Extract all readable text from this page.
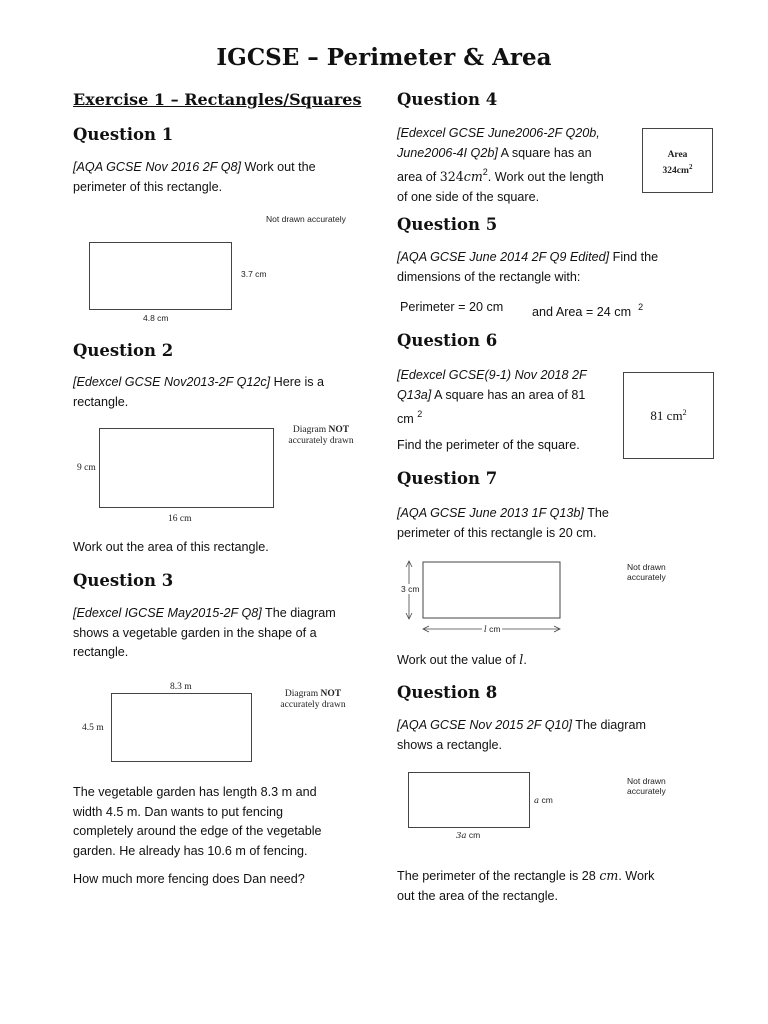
IGCSE – Perimeter & Area
Exercise 1 – Rectangles/Squares
Question 1
[AQA GCSE Nov 2016 2F Q8] Work out the
perimeter of this rectangle.
Not drawn accurately
3.7 cm
4.8 cm
Question 2
[Edexcel GCSE Nov2013-2F Q12c] Here is a
rectangle.
Diagram NOT
accurately drawn
9 cm
16 cm
Work out the area of this rectangle.
Question 3
[Edexcel IGCSE May2015-2F Q8] The diagram
shows a vegetable garden in the shape of a
rectangle.
8.3 m
Diagram NOT
accurately drawn
4.5 m
The vegetable garden has length 8.3 m and
width 4.5 m. Dan wants to put fencing
completely around the edge of the vegetable
garden. He already has 10.6 m of fencing.
How much more fencing does Dan need?
Question 4
[Edexcel GCSE June2006-2F Q20b,
June2006-4I Q2b] A square has an
area of $324cm^2$. Work out the length
of one side of the square.
Area
$324cm^2$
Question 5
[AQA GCSE June 2014 2F Q9 Edited] Find the
dimensions of the rectangle with:
Perimeter = 20 cm and Area = 24 cm $^2$
Question 6
[Edexcel GCSE(9-1) Nov 2018 2F
Q13a] A square has an area of 81
cm $^2$	81 $cm^2$
Find the perimeter of the square.
Question 7
[AQA GCSE June 2013 1F Q13b] The
perimeter of this rectangle is 20 cm.
Not drawn
accurately
3 cm
l cm
Work out the value of l.
Question 8
[AQA GCSE Nov 2015 2F Q10] The diagram
shows a rectangle.
Not drawn
accurately
a cm
3a cm
The perimeter of the rectangle is 28 cm. Work
out the area of the rectangle.
